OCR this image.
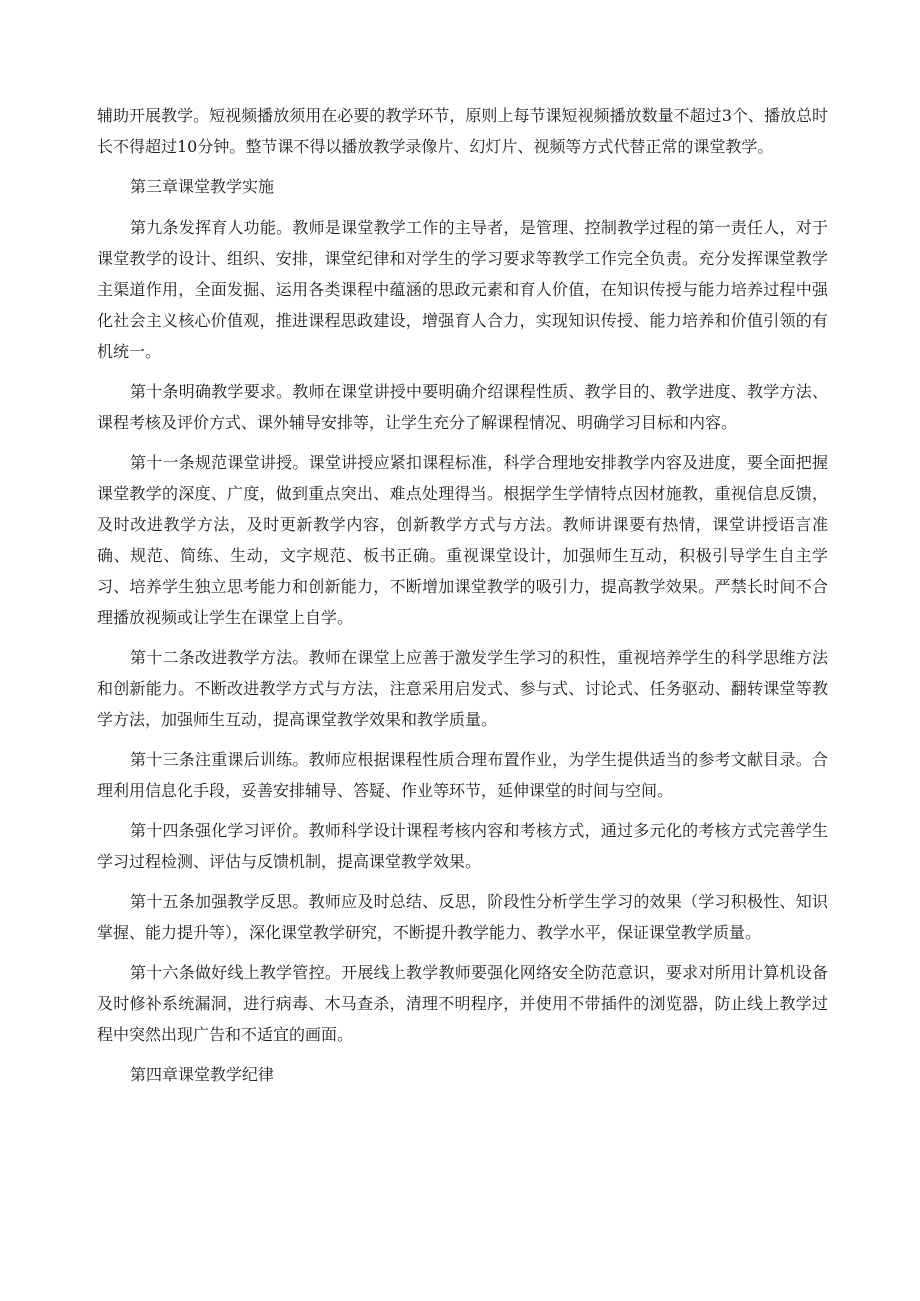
辅助开展教学。短视频播放须用在必要的教学环节，原则上每节课短视频播放数量不超过3个、播放总时长不得超过10分钟。整节课不得以播放教学录像片、幻灯片、视频等方式代替正常的课堂教学。

第三章课堂教学实施

第九条发挥育人功能。教师是课堂教学工作的主导者，是管理、控制教学过程的第一责任人，对于课堂教学的设计、组织、安排，课堂纪律和对学生的学习要求等教学工作完全负责。充分发挥课堂教学主渠道作用，全面发掘、运用各类课程中蕴涵的思政元素和育人价值，在知识传授与能力培养过程中强化社会主义核心价值观，推进课程思政建设，增强育人合力，实现知识传授、能力培养和价值引领的有机统一。

第十条明确教学要求。教师在课堂讲授中要明确介绍课程性质、教学目的、教学进度、教学方法、课程考核及评价方式、课外辅导安排等，让学生充分了解课程情况、明确学习目标和内容。

第十一条规范课堂讲授。课堂讲授应紧扣课程标准，科学合理地安排教学内容及进度，要全面把握课堂教学的深度、广度，做到重点突出、难点处理得当。根据学生学情特点因材施教，重视信息反馈，及时改进教学方法，及时更新教学内容，创新教学方式与方法。教师讲课要有热情，课堂讲授语言准确、规范、简练、生动，文字规范、板书正确。重视课堂设计，加强师生互动，积极引导学生自主学习、培养学生独立思考能力和创新能力，不断增加课堂教学的吸引力，提高教学效果。严禁长时间不合理播放视频或让学生在课堂上自学。

第十二条改进教学方法。教师在课堂上应善于激发学生学习的积性，重视培养学生的科学思维方法和创新能力。不断改进教学方式与方法，注意采用启发式、参与式、讨论式、任务驱动、翻转课堂等教学方法，加强师生互动，提高课堂教学效果和教学质量。

第十三条注重课后训练。教师应根据课程性质合理布置作业，为学生提供适当的参考文献目录。合理利用信息化手段，妥善安排辅导、答疑、作业等环节，延伸课堂的时间与空间。

第十四条强化学习评价。教师科学设计课程考核内容和考核方式，通过多元化的考核方式完善学生学习过程检测、评估与反馈机制，提高课堂教学效果。

第十五条加强教学反思。教师应及时总结、反思，阶段性分析学生学习的效果（学习积极性、知识掌握、能力提升等），深化课堂教学研究，不断提升教学能力、教学水平，保证课堂教学质量。

第十六条做好线上教学管控。开展线上教学教师要强化网络安全防范意识，要求对所用计算机设备及时修补系统漏洞，进行病毒、木马查杀，清理不明程序，并使用不带插件的浏览器，防止线上教学过程中突然出现广告和不适宜的画面。

第四章课堂教学纪律
